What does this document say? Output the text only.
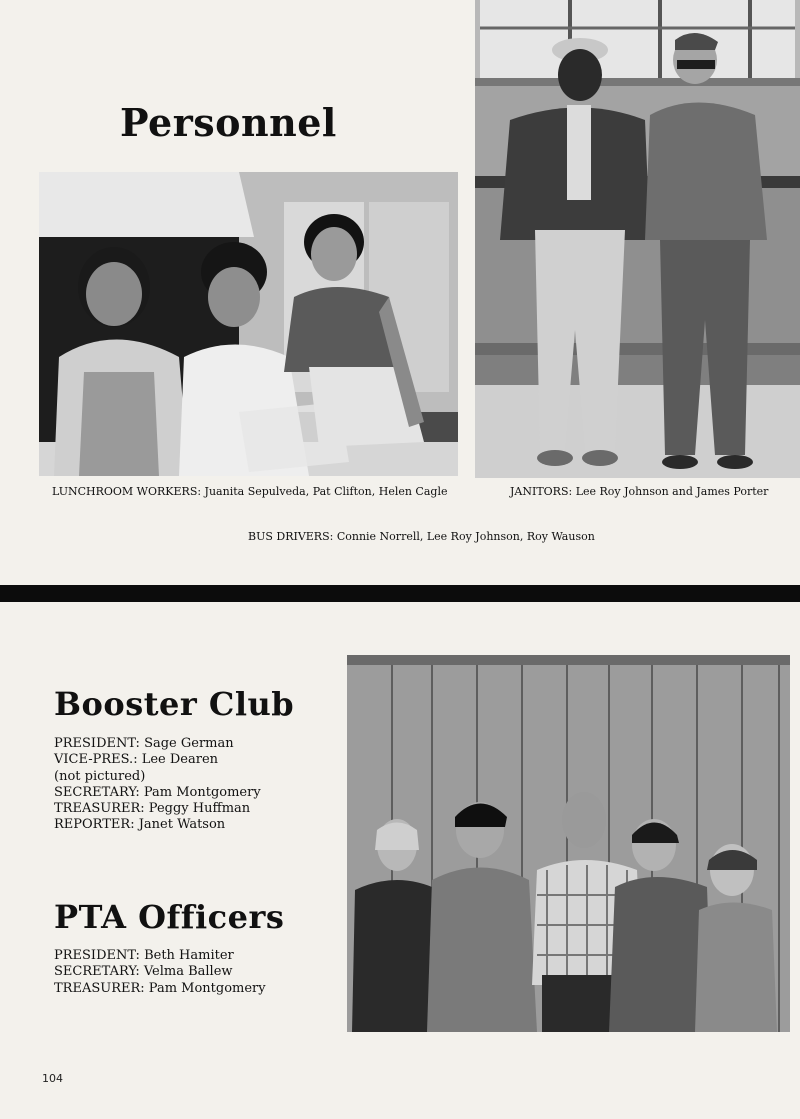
Personnel

LUNCHROOM WORKERS: Juanita Sepulveda, Pat Clifton, Helen Cagle	JANITORS: Lee Roy Johnson and James Porter

BUS DRIVERS: Connie Norrell, Lee Roy Johnson, Roy Wauson

Booster Club
PRESIDENT: Sage German
VICE-PRES.: Lee Dearen
(not pictured)
SECRETARY: Pam Montgomery
TREASURER: Peggy Huffman
REPORTER: Janet Watson
PTA Officers
PRESIDENT: Beth Hamiter
SECRETARY: Velma Ballew
TREASURER: Pam Montgomery

104
